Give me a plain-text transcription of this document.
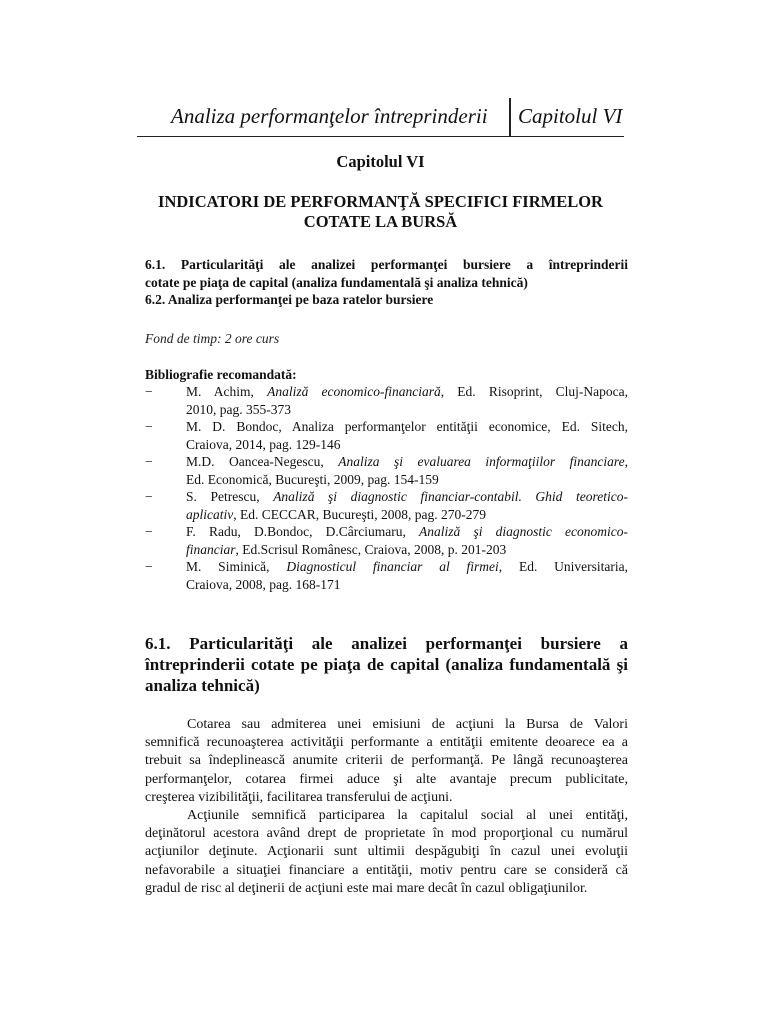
Analiza performanţelor întreprinderii Capitolul VI
Capitolul VI
INDICATORI DE PERFORMANŢĂ SPECIFICI FIRMELOR
COTATE LA BURSĂ
6.1. Particularităţi ale analizei performanţei bursiere a întreprinderii
cotate pe piaţa de capital (analiza fundamentală şi analiza tehnică)
6.2. Analiza performanţei pe baza ratelor bursiere
Fond de timp: 2 ore curs
Bibliografie recomandată:
− M. Achim, Analiză economico-financiară, Ed. Risoprint, Cluj-Napoca,
2010, pag. 355-373
− M. D. Bondoc, Analiza performanţelor entităţii economice, Ed. Sitech,
Craiova, 2014, pag. 129-146
− M.D. Oancea-Negescu, Analiza şi evaluarea informaţiilor financiare,
Ed. Economică, Bucureşti, 2009, pag. 154-159
− S. Petrescu, Analiză şi diagnostic financiar-contabil. Ghid teoretico-
aplicativ, Ed. CECCAR, Bucureşti, 2008, pag. 270-279
− F. Radu, D.Bondoc, D.Cârciumaru, Analiză şi diagnostic economico-
financiar, Ed.Scrisul Românesc, Craiova, 2008, p. 201-203
− M. Siminică, Diagnosticul financiar al firmei, Ed. Universitaria,
Craiova, 2008, pag. 168-171
6.1. Particularităţi ale analizei performanţei bursiere a
întreprinderii cotate pe piaţa de capital (analiza fundamentală şi
analiza tehnică)
Cotarea sau admiterea unei emisiuni de acţiuni la Bursa de Valori
semnifică recunoaşterea activităţii performante a entităţii emitente deoarece ea a
trebuit sa îndeplinească anumite criterii de performanţă. Pe lângă recunoaşterea
performanţelor, cotarea firmei aduce şi alte avantaje precum publicitate,
creşterea vizibilităţii, facilitarea transferului de acţiuni.
Acţiunile semnifică participarea la capitalul social al unei entităţi,
deţinătorul acestora având drept de proprietate în mod proporţional cu numărul
acţiunilor deţinute. Acţionarii sunt ultimii despăgubiţi în cazul unei evoluţii
nefavorabile a situaţiei financiare a entităţii, motiv pentru care se consideră că
gradul de risc al deţinerii de acţiuni este mai mare decât în cazul obligaţiunilor.
